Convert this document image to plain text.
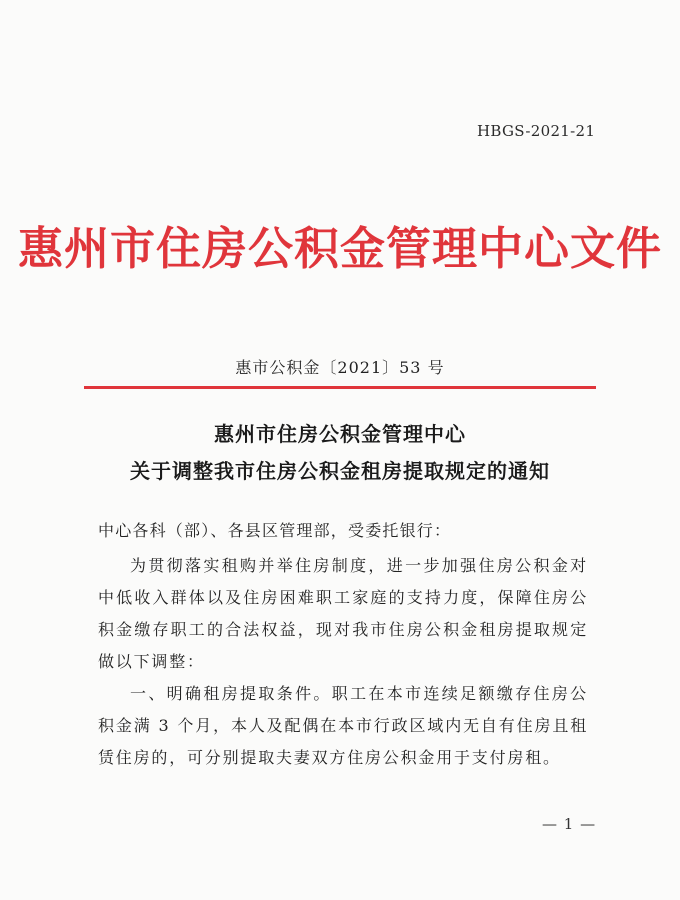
HBGS-2021-21
惠州市住房公积金管理中心文件
惠市公积金〔2021〕53 号
惠州市住房公积金管理中心
关于调整我市住房公积金租房提取规定的通知
中心各科（部）、各县区管理部，受委托银行：

为贯彻落实租购并举住房制度，进一步加强住房公积金对中低收入群体以及住房困难职工家庭的支持力度，保障住房公积金缴存职工的合法权益，现对我市住房公积金租房提取规定做以下调整：

一、明确租房提取条件。职工在本市连续足额缴存住房公积金满 3 个月，本人及配偶在本市行政区域内无自有住房且租赁住房的，可分别提取夫妻双方住房公积金用于支付房租。

— 1 —
